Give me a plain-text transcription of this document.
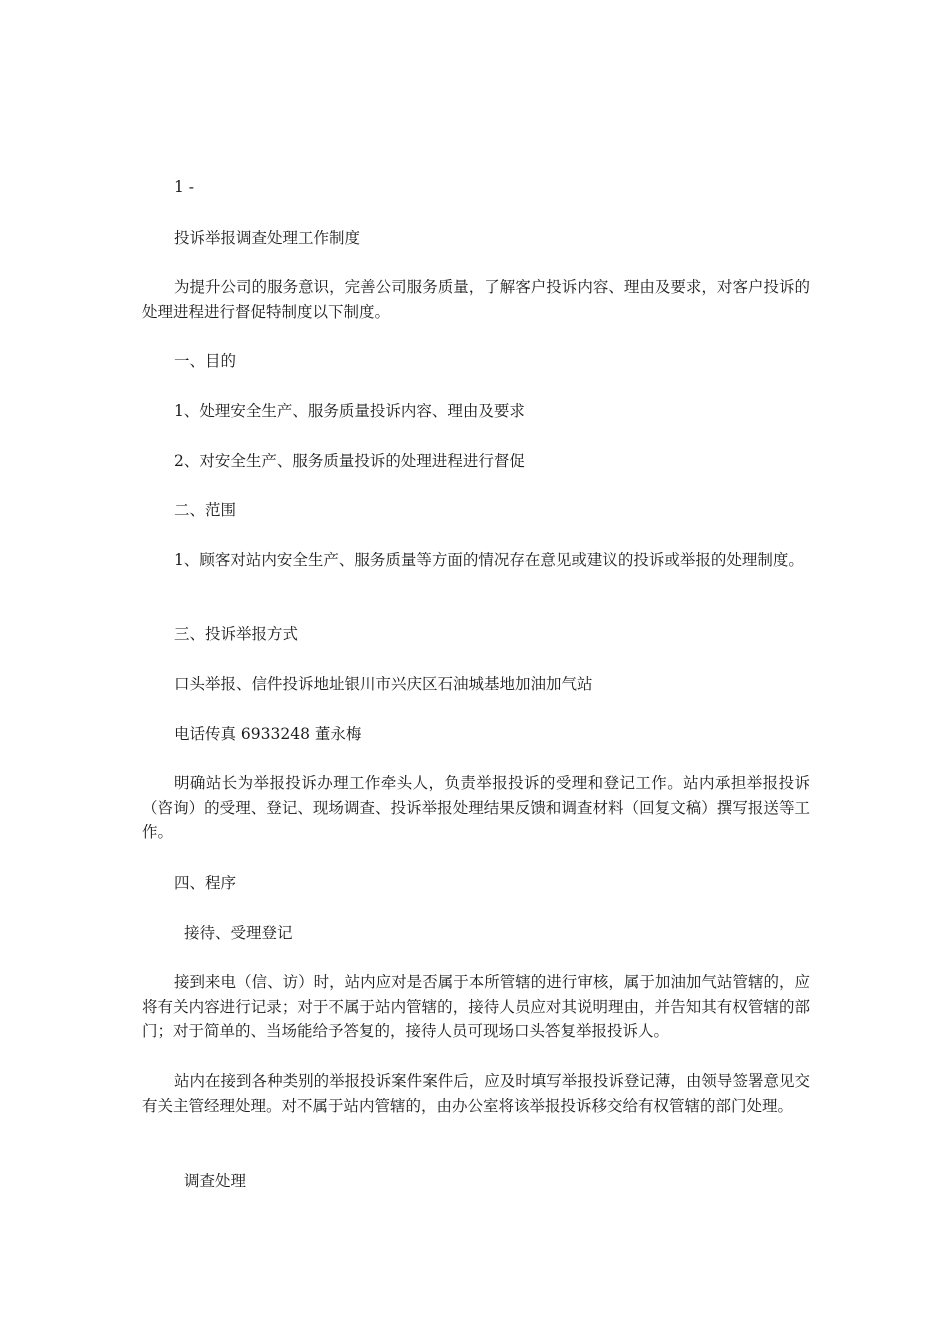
1 -
投诉举报调查处理工作制度
为提升公司的服务意识，完善公司服务质量，了解客户投诉内容、理由及要求，对客户投诉的处理进程进行督促特制度以下制度。
一、目的
1、处理安全生产、服务质量投诉内容、理由及要求
2、对安全生产、服务质量投诉的处理进程进行督促
二、范围
1、顾客对站内安全生产、服务质量等方面的情况存在意见或建议的投诉或举报的处理制度。
三、投诉举报方式
口头举报、信件投诉地址银川市兴庆区石油城基地加油加气站
电话传真 6933248 董永梅
明确站长为举报投诉办理工作牵头人，负责举报投诉的受理和登记工作。站内承担举报投诉（咨询）的受理、登记、现场调查、投诉举报处理结果反馈和调查材料（回复文稿）撰写报送等工作。
四、程序
接待、受理登记
接到来电（信、访）时，站内应对是否属于本所管辖的进行审核，属于加油加气站管辖的，应将有关内容进行记录；对于不属于站内管辖的，接待人员应对其说明理由，并告知其有权管辖的部门；对于简单的、当场能给予答复的，接待人员可现场口头答复举报投诉人。
站内在接到各种类别的举报投诉案件案件后，应及时填写举报投诉登记薄，由领导签署意见交有关主管经理处理。对不属于站内管辖的，由办公室将该举报投诉移交给有权管辖的部门处理。
调查处理
